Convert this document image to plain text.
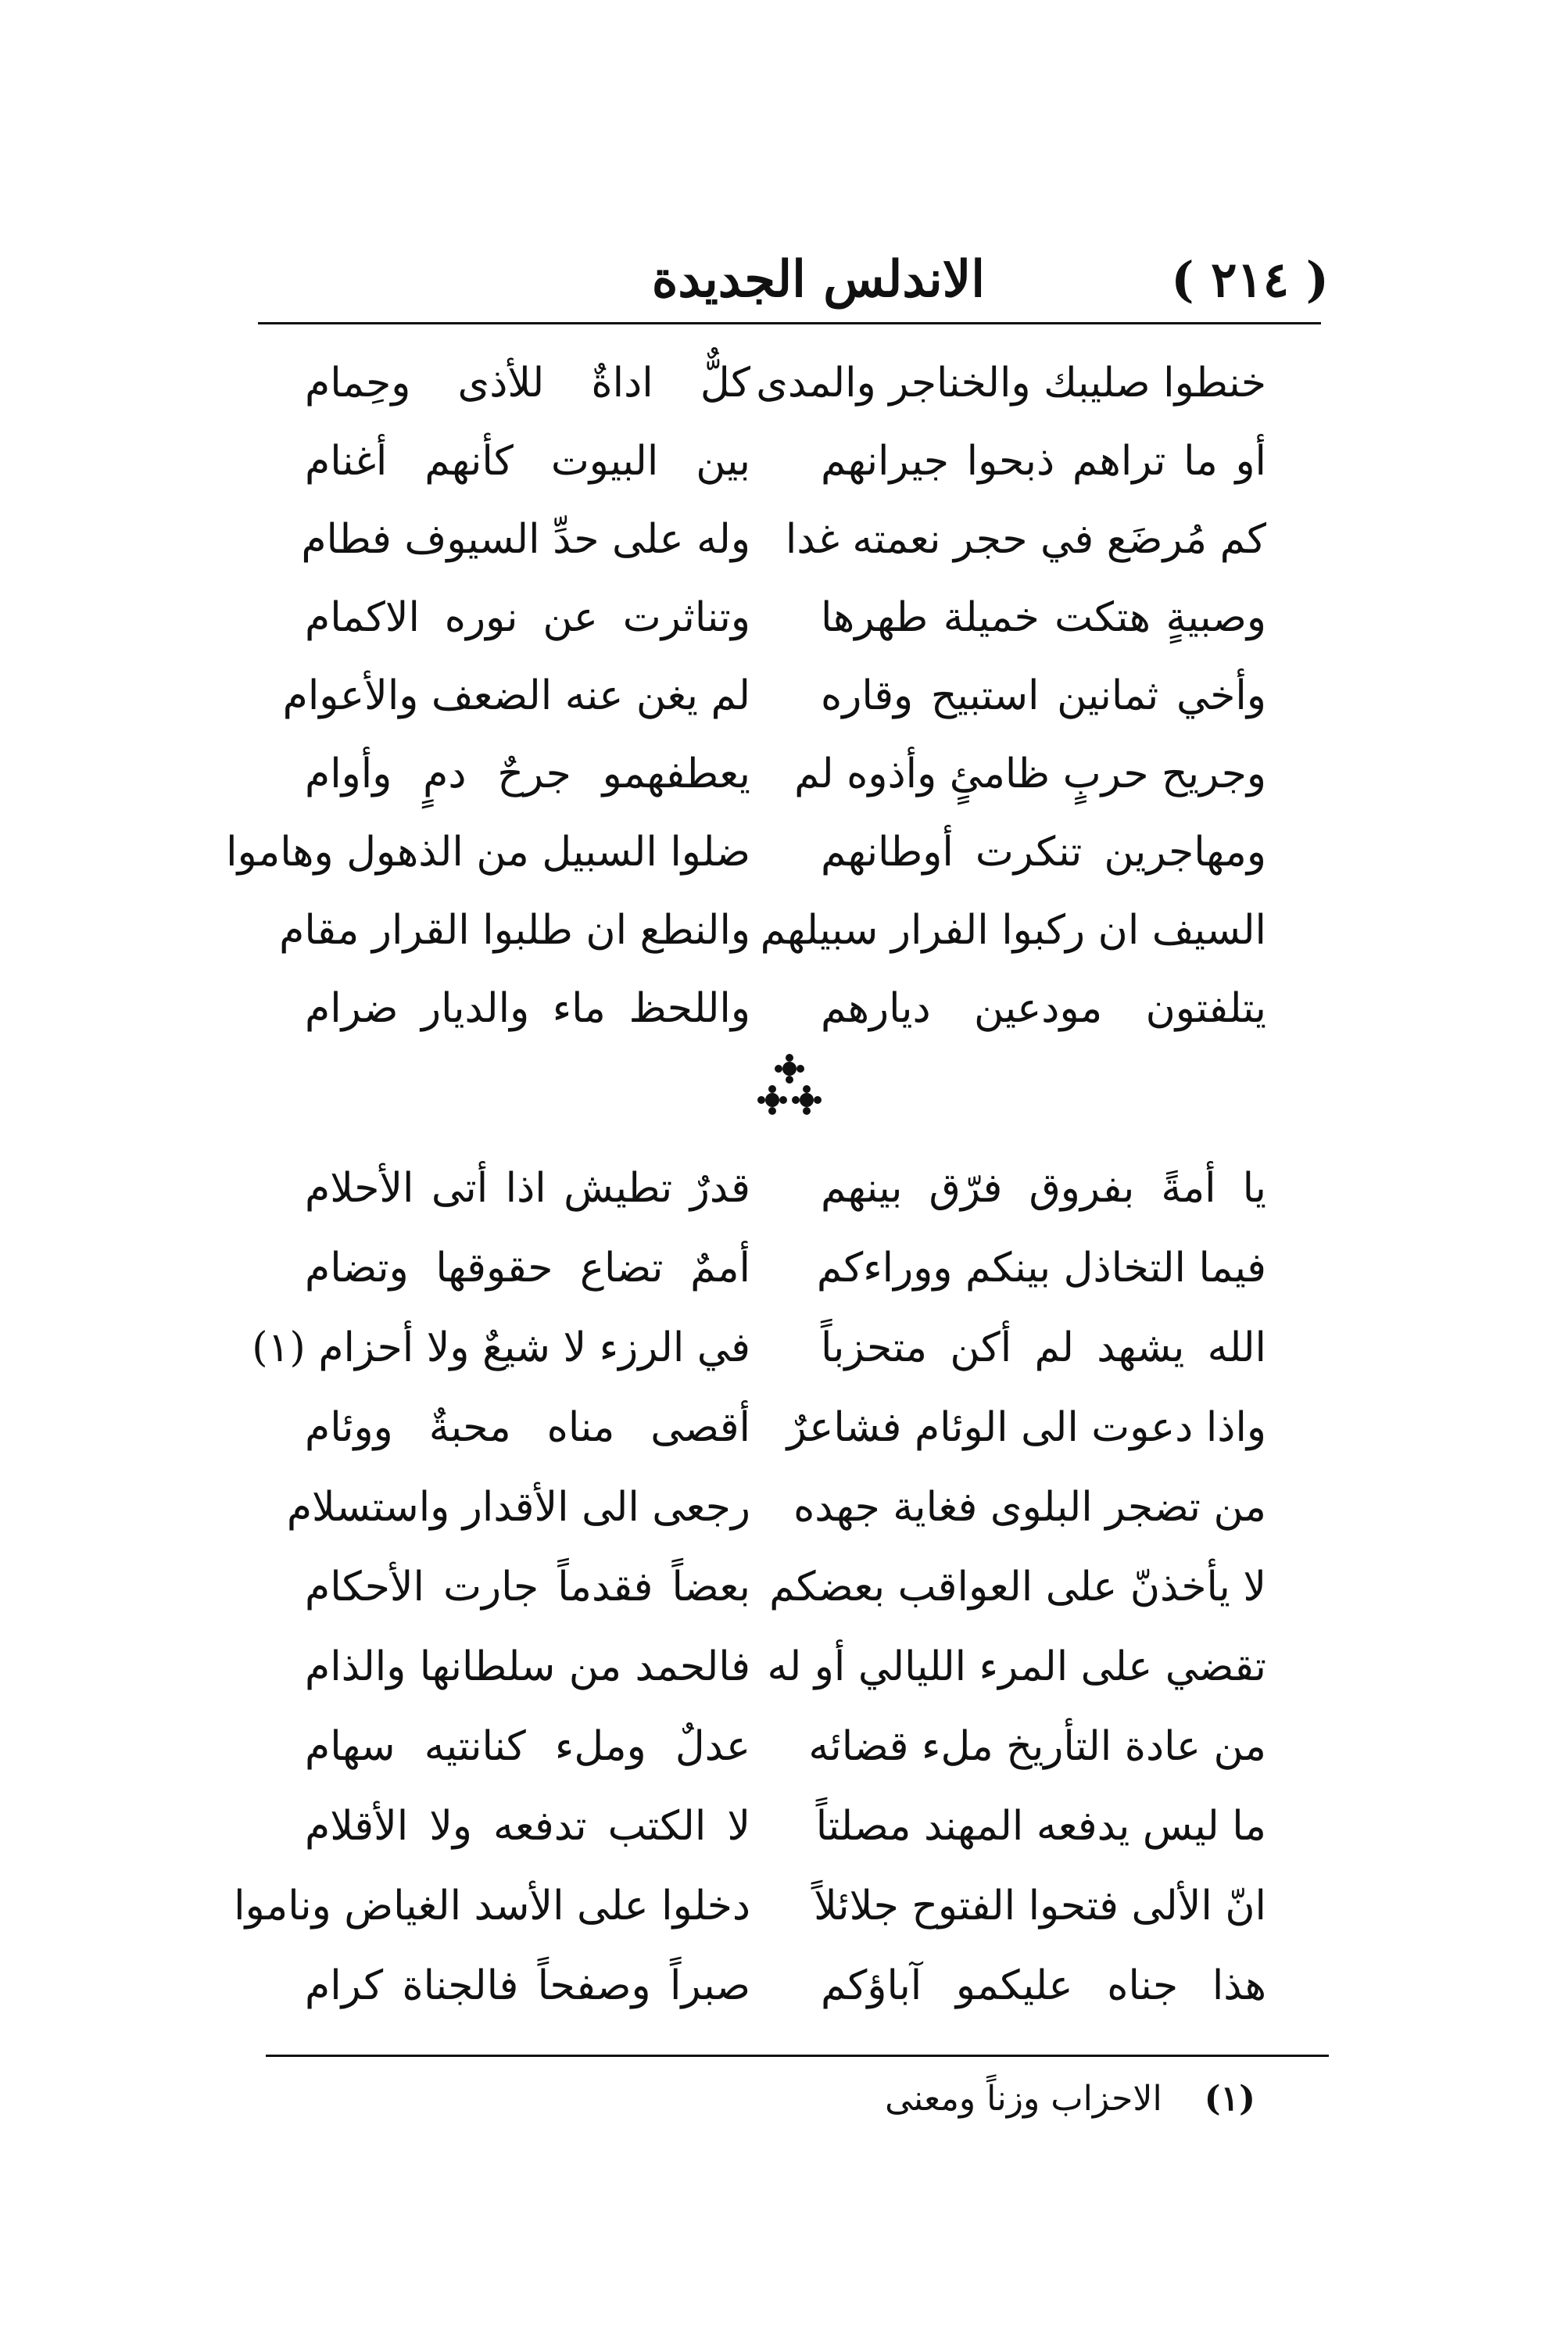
( ٢١٤ )
الاندلس الجديدة
خنطوا صليبك والخناجر والمدى
كلٌّ اداةٌ للأذى وحِمام
أو ما تراهم ذبحوا جيرانهم
بين البيوت كأنهم أغنام
كم مُرضَع في حجر نعمته غدا
وله على حدِّ السيوف فطام
وصبيةٍ هتكت خميلة طهرها
وتناثرت عن نوره الاكمام
وأخي ثمانين استبيح وقاره
لم يغن عنه الضعف والأعوام
وجريح حربٍ ظامئٍ وأذوه لم
يعطفهمو جرحٌ دمٍ وأوام
ومهاجرين تنكرت أوطانهم
ضلوا السبيل من الذهول وهاموا
السيف ان ركبوا الفرار سبيلهم
والنطع ان طلبوا القرار مقام
يتلفتون مودعين ديارهم
واللحظ ماء والديار ضرام
يا أمةً بفروق فرّق بينهم
قدرٌ تطيش اذا أتى الأحلام
فيما التخاذل بينكم ووراءكم
أممٌ تضاع حقوقها وتضام
الله يشهد لم أكن متحزباً
في الرزء لا شيعٌ ولا أحزام (١)
واذا دعوت الى الوئام فشاعرٌ
أقصى مناه محبةٌ ووئام
من تضجر البلوى فغاية جهده
رجعى الى الأقدار واستسلام
لا يأخذنّ على العواقب بعضكم
بعضاً فقدماً جارت الأحكام
تقضي على المرء الليالي أو له
فالحمد من سلطانها والذام
من عادة التأريخ ملء قضائه
عدلٌ وملء كنانتيه سهام
ما ليس يدفعه المهند مصلتاً
لا الكتب تدفعه ولا الأقلام
انّ الألى فتحوا الفتوح جلائلاً
دخلوا على الأسد الغياض وناموا
هذا جناه عليكمو آباؤكم
صبراً وصفحاً فالجناة كرام
(١) الاحزاب وزناً ومعنى
